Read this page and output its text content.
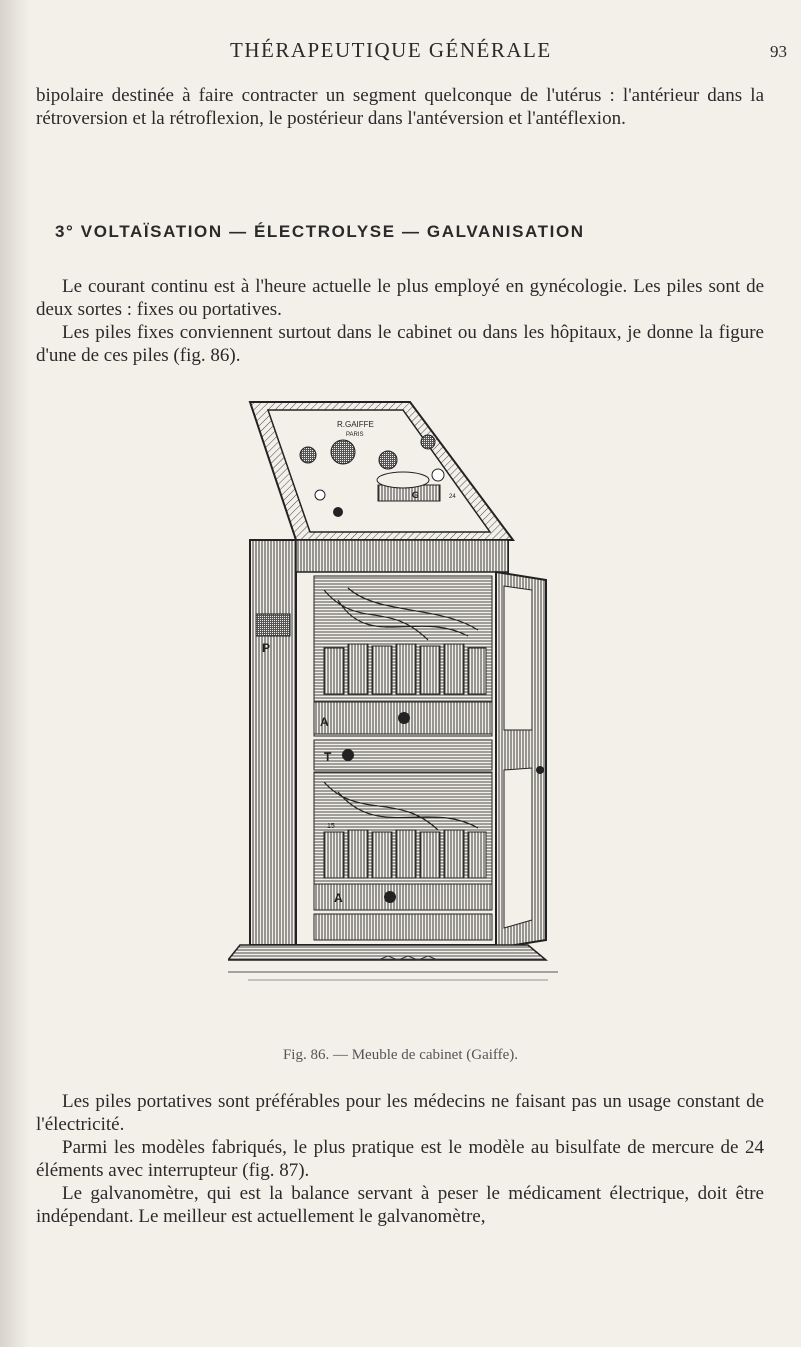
THÉRAPEUTIQUE GÉNÉRALE	93

bipolaire destinée à faire contracter un segment quelconque de l'utérus : l'antérieur dans la rétroversion et la rétroflexion, le postérieur dans l'antéversion et l'antéflexion.

3° VOLTAÏSATION — ÉLECTROLYSE — GALVANISATION

Le courant continu est à l'heure actuelle le plus employé en gynécologie. Les piles sont de deux sortes : fixes ou portatives.

Les piles fixes conviennent surtout dans le cabinet ou dans les hôpitaux, je donne la figure d'une de ces piles (fig. 86).

R.GAIFFE
PARIS
G	24
P
A
T
15
A
Fig. 86. — Meuble de cabinet (Gaiffe).

Les piles portatives sont préférables pour les médecins ne faisant pas un usage constant de l'électricité.

Parmi les modèles fabriqués, le plus pratique est le modèle au bisulfate de mercure de 24 éléments avec interrupteur (fig. 87).

Le galvanomètre, qui est la balance servant à peser le médicament électrique, doit être indépendant. Le meilleur est actuellement le galvanomètre,
